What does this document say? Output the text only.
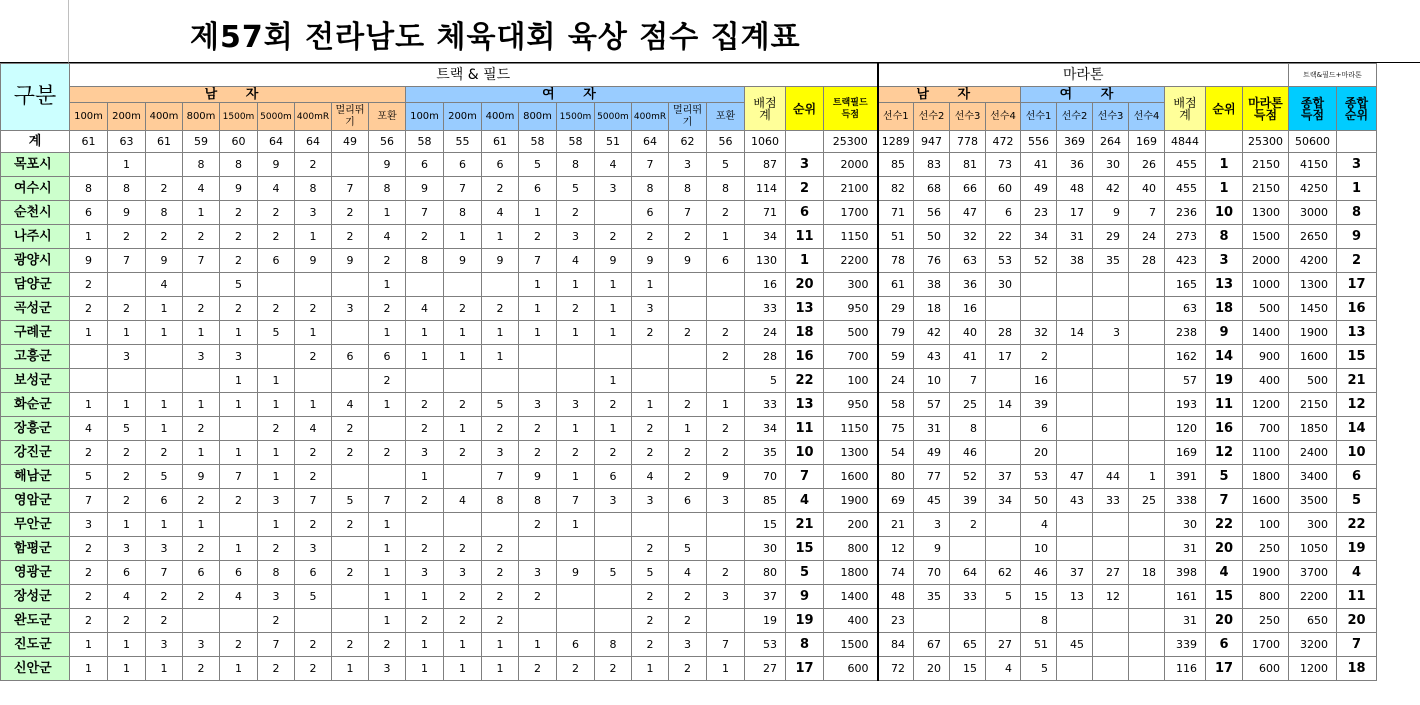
제57회 전라남도 체육대회 육상 점수 집계표
구분	트랙 & 필드																					마라톤											트랙&필드+마라톤	
	남 자									여 자									배점계	순위	트랙필드득점	남 자				여 자				배점계	순위	마라톤득점	종합득점	종합순위
	100m	200m	400m	800m	1500m	5000m	400mR	멀리뛰기	포환	100m	200m	400m	800m	1500m	5000m	400mR	멀리뛰기	포환				선수1	선수2	선수3	선수4	선수1	선수2	선수3	선수4					
계	61	63	61	59	60	64	64	49	56	58	55	61	58	58	51	64	62	56	1060		25300	1289	947	778	472	556	369	264	169	4844		25300	50600	
목포시		1		8	8	9	2		9	6	6	6	5	8	4	7	3	5	87	3	2000	85	83	81	73	41	36	30	26	455	1	2150	4150	3
여수시	8	8	2	4	9	4	8	7	8	9	7	2	6	5	3	8	8	8	114	2	2100	82	68	66	60	49	48	42	40	455	1	2150	4250	1
순천시	6	9	8	1	2	2	3	2	1	7	8	4	1	2		6	7	2	71	6	1700	71	56	47	6	23	17	9	7	236	10	1300	3000	8
나주시	1	2	2	2	2	2	1	2	4	2	1	1	2	3	2	2	2	1	34	11	1150	51	50	32	22	34	31	29	24	273	8	1500	2650	9
광양시	9	7	9	7	2	6	9	9	2	8	9	9	7	4	9	9	9	6	130	1	2200	78	76	63	53	52	38	35	28	423	3	2000	4200	2
담양군	2		4		5				1				1	1	1	1			16	20	300	61	38	36	30					165	13	1000	1300	17
곡성군	2	2	1	2	2	2	2	3	2	4	2	2	1	2	1	3			33	13	950	29	18	16						63	18	500	1450	16
구례군	1	1	1	1	1	5	1		1	1	1	1	1	1	1	2	2	2	24	18	500	79	42	40	28	32	14	3		238	9	1400	1900	13
고흥군		3		3	3		2	6	6	1	1	1						2	28	16	700	59	43	41	17	2				162	14	900	1600	15
보성군					1	1			2						1				5	22	100	24	10	7		16				57	19	400	500	21
화순군	1	1	1	1	1	1	1	4	1	2	2	5	3	3	2	1	2	1	33	13	950	58	57	25	14	39				193	11	1200	2150	12
장흥군	4	5	1	2		2	4	2		2	1	2	2	1	1	2	1	2	34	11	1150	75	31	8		6				120	16	700	1850	14
강진군	2	2	2	1	1	1	2	2	2	3	2	3	2	2	2	2	2	2	35	10	1300	54	49	46		20				169	12	1100	2400	10
해남군	5	2	5	9	7	1	2			1		7	9	1	6	4	2	9	70	7	1600	80	77	52	37	53	47	44	1	391	5	1800	3400	6
영암군	7	2	6	2	2	3	7	5	7	2	4	8	8	7	3	3	6	3	85	4	1900	69	45	39	34	50	43	33	25	338	7	1600	3500	5
무안군	3	1	1	1		1	2	2	1				2	1					15	21	200	21	3	2		4				30	22	100	300	22
함평군	2	3	3	2	1	2	3		1	2	2	2				2	5		30	15	800	12	9			10				31	20	250	1050	19
영광군	2	6	7	6	6	8	6	2	1	3	3	2	3	9	5	5	4	2	80	5	1800	74	70	64	62	46	37	27	18	398	4	1900	3700	4
장성군	2	4	2	2	4	3	5		1	1	2	2	2			2	2	3	37	9	1400	48	35	33	5	15	13	12		161	15	800	2200	11
완도군	2	2	2			2			1	2	2	2				2	2		19	19	400	23				8				31	20	250	650	20
진도군	1	1	3	3	2	7	2	2	2	1	1	1	1	6	8	2	3	7	53	8	1500	84	67	65	27	51	45			339	6	1700	3200	7
신안군	1	1	1	2	1	2	2	1	3	1	1	1	2	2	2	1	2	1	27	17	600	72	20	15	4	5				116	17	600	1200	18
